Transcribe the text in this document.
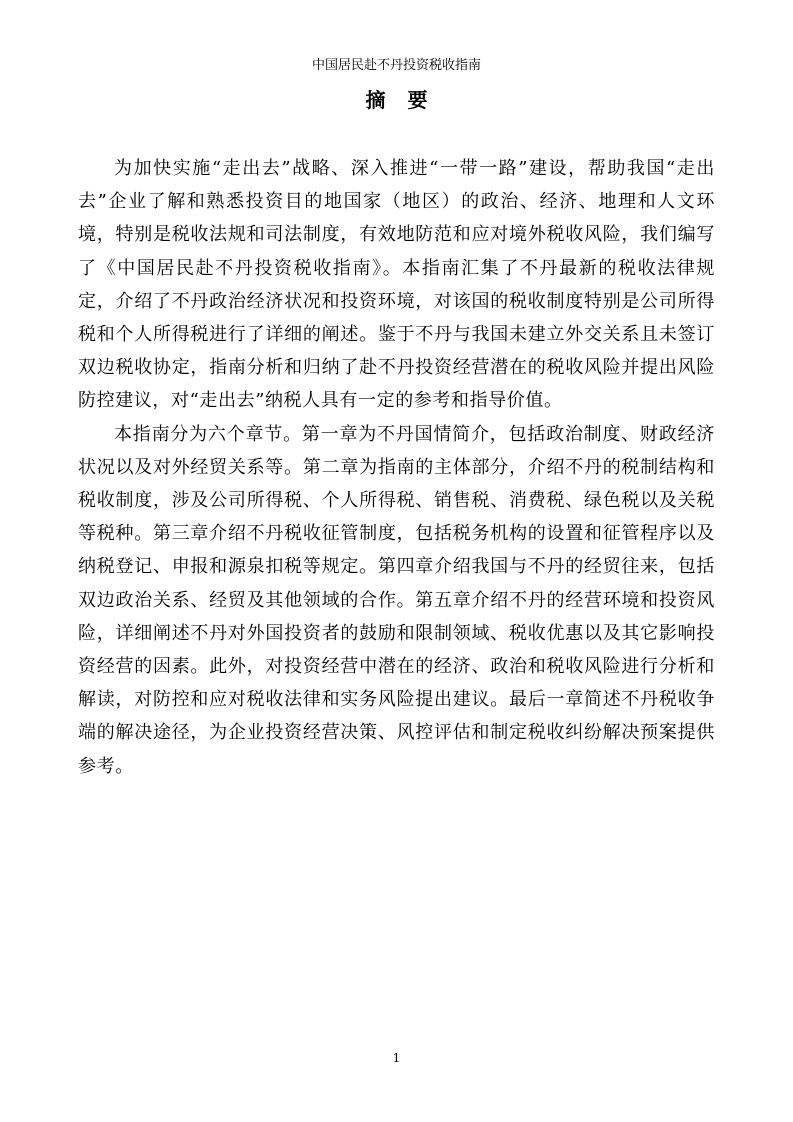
中国居民赴不丹投资税收指南
摘要

为加快实施“走出去”战略、深入推进“一带一路”建设，帮助我国“走出去”企业了解和熟悉投资目的地国家（地区）的政治、经济、地理和人文环境，特别是税收法规和司法制度，有效地防范和应对境外税收风险，我们编写了《中国居民赴不丹投资税收指南》。本指南汇集了不丹最新的税收法律规定，介绍了不丹政治经济状况和投资环境，对该国的税收制度特别是公司所得税和个人所得税进行了详细的阐述。鉴于不丹与我国未建立外交关系且未签订双边税收协定，指南分析和归纳了赴不丹投资经营潜在的税收风险并提出风险防控建议，对“走出去”纳税人具有一定的参考和指导价值。

本指南分为六个章节。第一章为不丹国情简介，包括政治制度、财政经济状况以及对外经贸关系等。第二章为指南的主体部分，介绍不丹的税制结构和税收制度，涉及公司所得税、个人所得税、销售税、消费税、绿色税以及关税等税种。第三章介绍不丹税收征管制度，包括税务机构的设置和征管程序以及纳税登记、申报和源泉扣税等规定。第四章介绍我国与不丹的经贸往来，包括双边政治关系、经贸及其他领域的合作。第五章介绍不丹的经营环境和投资风险，详细阐述不丹对外国投资者的鼓励和限制领域、税收优惠以及其它影响投资经营的因素。此外，对投资经营中潜在的经济、政治和税收风险进行分析和解读，对防控和应对税收法律和实务风险提出建议。最后一章简述不丹税收争端的解决途径，为企业投资经营决策、风控评估和制定税收纠纷解决预案提供参考。

1
